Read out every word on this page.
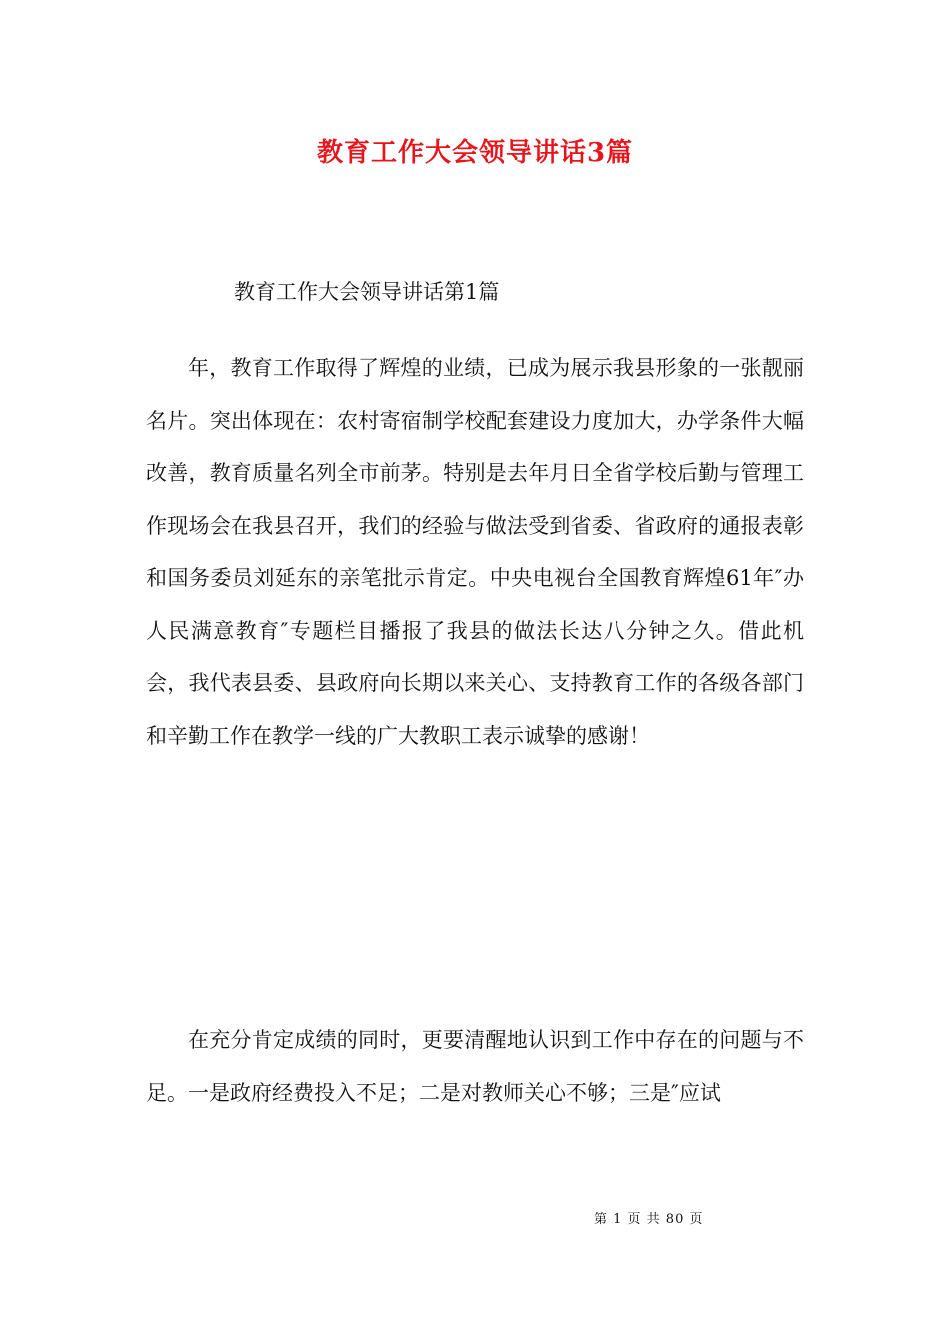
教育工作大会领导讲话3篇
教育工作大会领导讲话第1篇

年，教育工作取得了辉煌的业绩，已成为展示我县形象的一张靓丽名片。突出体现在：农村寄宿制学校配套建设力度加大，办学条件大幅改善，教育质量名列全市前茅。特别是去年月日全省学校后勤与管理工作现场会在我县召开，我们的经验与做法受到省委、省政府的通报表彰和国务委员刘延东的亲笔批示肯定。中央电视台全国教育辉煌61年″办人民满意教育″专题栏目播报了我县的做法长达八分钟之久。借此机会，我代表县委、县政府向长期以来关心、支持教育工作的各级各部门和辛勤工作在教学一线的广大教职工表示诚挚的感谢！

在充分肯定成绩的同时，更要清醒地认识到工作中存在的问题与不足。一是政府经费投入不足；二是对教师关心不够；三是″应试

第 1 页 共 80 页
